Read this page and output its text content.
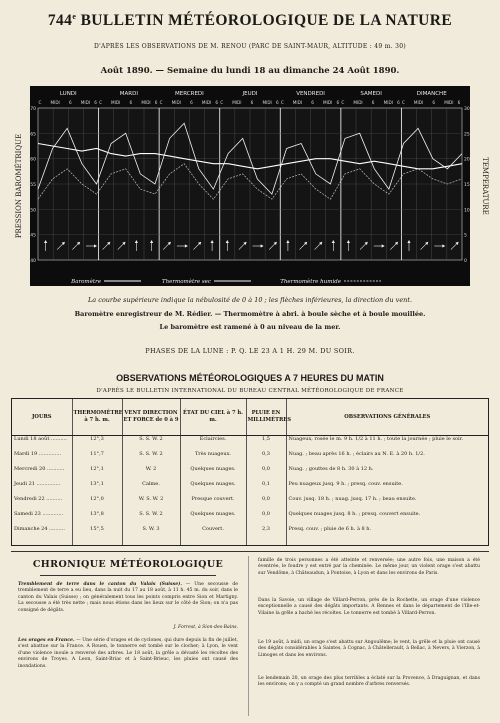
744e BULLETIN MÉTÉOROLOGIQUE DE LA NATURE
D'APRÈS LES OBSERVATIONS DE M. RENOU (PARC DE SAINT-MAUR, ALTITUDE : 49 m. 30)
Août 1890. — Semaine du lundi 18 au dimanche 24 Août 1890.
LUNDI
C MIDI 6 MIDI 6
MARDI
C MIDI 6 MIDI 6
MERCREDI
C MIDI 6 MIDI 6
JEUDI
C MIDI 6 MIDI 6
VENDREDI
C MIDI 6 MIDI 6
SAMEDI
C MIDI 6 MIDI 6
DIMANCHE
C MIDI 6 MIDI 6
770	30
765	25
760	20
755	15
750	10
745	5
740	0
PRESSION BAROMÉTRIQUE	TEMPÉRATURE
Baromètre	Thermomètre sec	Thermomètre humide
La courbe supérieure indique la nébulosité de 0 à 10 ; les flèches inférieures, la direction du vent.
Baromètre enregistreur de M. Rédier. — Thermomètre à abri. à boule sèche et à boule mouillée.
Le baromètre est ramené à 0 au niveau de la mer.
PHASES DE LA LUNE : P. Q. LE 23 A 1 H. 29 M. DU SOIR.
OBSERVATIONS MÉTÉOROLOGIQUES A 7 HEURES DU MATIN
D'APRÈS LE BULLETIN INTERNATIONAL DU BUREAU CENTRAL MÉTÉOROLOGIQUE DE FRANCE
JOURS	THERMOMÈTRE à 7 h. m.	VENT DIRECTION ET FORCE de 0 à 9	ÉTAT DU CIEL à 7 h. m.	PLUIE EN MILLIMÈTRES	OBSERVATIONS GÉNÉRALES
Lundi 18 août ..........	12°,3	S. S. W. 2	Éclaircies.	1,5	Nuageux, rosée le m. 9 h. 1/2 à 11 h. ; toute la journée ; pluie le soir.
Mardi 19 ..............	11°,7	S. S. W. 2	Très nuageux.	0,3	Nuag. ; beau après 16 h. ; éclairs au N. E. à 20 h. 1/2.
Mercredi 20 ...........	12°,1	W. 2	Quelques nuages.	0,0	Nuag. ; gouttes de 8 h. 30 à 12 h.
Jeudi 21 ...............	13°,1	Calme.	Quelques nuages.	0,1	Peu nuageux jusq. 9 h. ; presq. couv. ensuite.
Vendredi 22 ..........	12°,0	W. S. W. 2	Presque couvert.	0,0	Couv. jusq. 18 h. ; nuag. jusq. 17 h. ; beau ensuite.
Samedi 23 .............	13°,8	S. S. W. 2	Quelques nuages.	0,0	Quelques nuages jusq. 8 h. ; presq. couvert ensuite.
Dimanche 24 ..........	15°,5	S. W. 3	Couvert.	2,3	Presq. couv. ; pluie de 6 h. à 8 h.

CHRONIQUE MÉTÉOROLOGIQUE
Tremblement de terre dans le canton du Valais (Suisse). — Une secousse de tremblement de terre a eu lieu, dans la nuit du 17 au 18 août, à 11 h. 45 m. du soir, dans le canton du Valais (Suisse) ; on généralement tous les points compris entre Sion et Martigny. La secousse a été très nette ; mais nous étions dans les lieux sur le côté de Sion; on n'a pas consigné de dégâts.
J. Forrest, à Sion-des-Bains.
Les orages en France. — Une série d'orages et de cyclones, qui dure depuis la fin de juillet, s'est abattue sur la France. A Rouen, le tonnerre est tombé sur le clocher; à Lyon, le vent d'une violence inouïe a renversé des arbres. Le 18 août, la grêle a dévasté les récoltes des environs de Troyes. A Leon, Saint-Briac et à Saint-Brieuc, les pluies ont causé des inondations.
famille de trois personnes a été atteinte et renversée; une autre fois, une maison a été éventrée, le foudre y est entré par la cheminée. Le même jour, un violent orage s'est abattu sur Vendôme, à Châteaudun, à Pontoise, à Lyon et dans les environs de Paris.
Dans la Savoie, un village de Villard-Perron, près de la Rochette, un orage d'une violence exceptionnelle a causé des dégâts importants. A Rennes et dans le département de l'Ille-et-Vilaine la grêle a haché les récoltes. Le tonnerre est tombé à Villard-Perron.
Le 19 août, à midi, un orage s'est abattu sur Angoulême; le vent, la grêle et la pluie ont causé des dégâts considérables à Saintes, à Cognac, à Châtellerault, à Bellac, à Nevers, à Vierzon, à Limoges et dans les environs.
Le lendemain 20, un orage des plus terribles a éclaté sur la Provence, à Draguignan, et dans les environs; on y a compté un grand nombre d'arbres renversés.
